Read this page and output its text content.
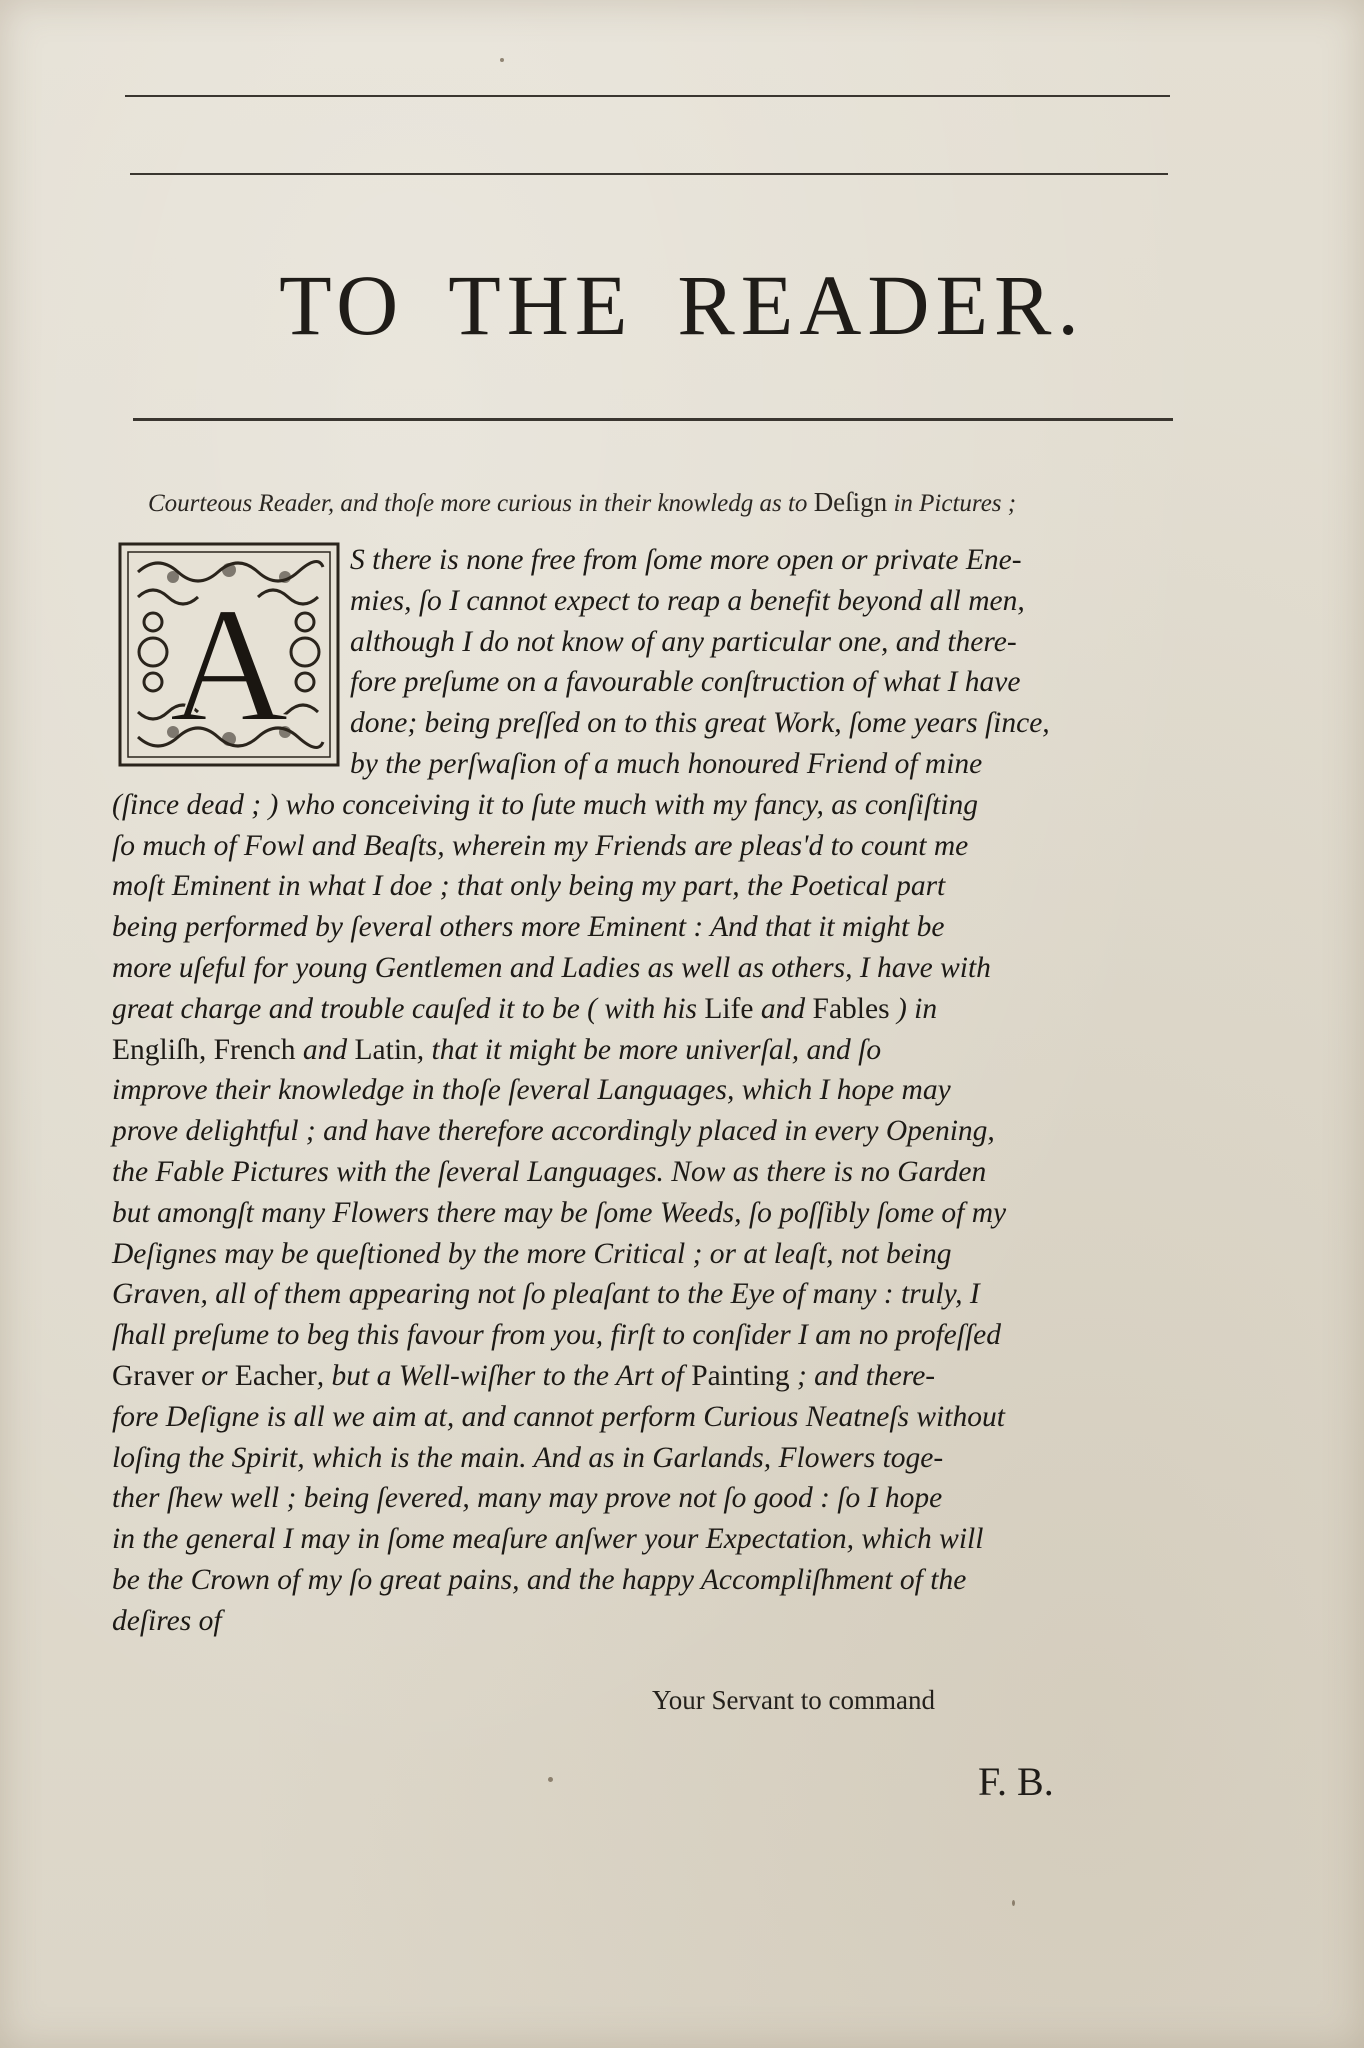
TO THE READER.

Courteous Reader, and thoſe more curious in their knowledg as to Deſign in Pictures ;

A
S there is none free from ſome more open or private Ene-
mies, ſo I cannot expect to reap a benefit beyond all men,
although I do not know of any particular one, and there-
fore preſume on a favourable conſtruction of what I have
done; being preſſed on to this great Work, ſome years ſince,
by the perſwaſion of a much honoured Friend of mine
(ſince dead ; ) who conceiving it to ſute much with my fancy, as conſiſting
ſo much of Fowl and Beaſts, wherein my Friends are pleas'd to count me
moſt Eminent in what I doe ; that only being my part, the Poetical part
being performed by ſeveral others more Eminent : And that it might be
more uſeful for young Gentlemen and Ladies as well as others, I have with
great charge and trouble cauſed it to be ( with his Life and Fables ) in
Engliſh, French and Latin, that it might be more univerſal, and ſo
improve their knowledge in thoſe ſeveral Languages, which I hope may
prove delightful ; and have therefore accordingly placed in every Opening,
the Fable Pictures with the ſeveral Languages. Now as there is no Garden
but amongſt many Flowers there may be ſome Weeds, ſo poſſibly ſome of my
Deſignes may be queſtioned by the more Critical ; or at leaſt, not being
Graven, all of them appearing not ſo pleaſant to the Eye of many : truly, I
ſhall preſume to beg this favour from you, firſt to conſider I am no profeſſed
Graver or Eacher, but a Well-wiſher to the Art of Painting ; and there-
fore Deſigne is all we aim at, and cannot perform Curious Neatneſs without
loſing the Spirit, which is the main. And as in Garlands, Flowers toge-
ther ſhew well ; being ſevered, many may prove not ſo good : ſo I hope
in the general I may in ſome meaſure anſwer your Expectation, which will
be the Crown of my ſo great pains, and the happy Accompliſhment of the
deſires of

Your Servant to command

F. B.
